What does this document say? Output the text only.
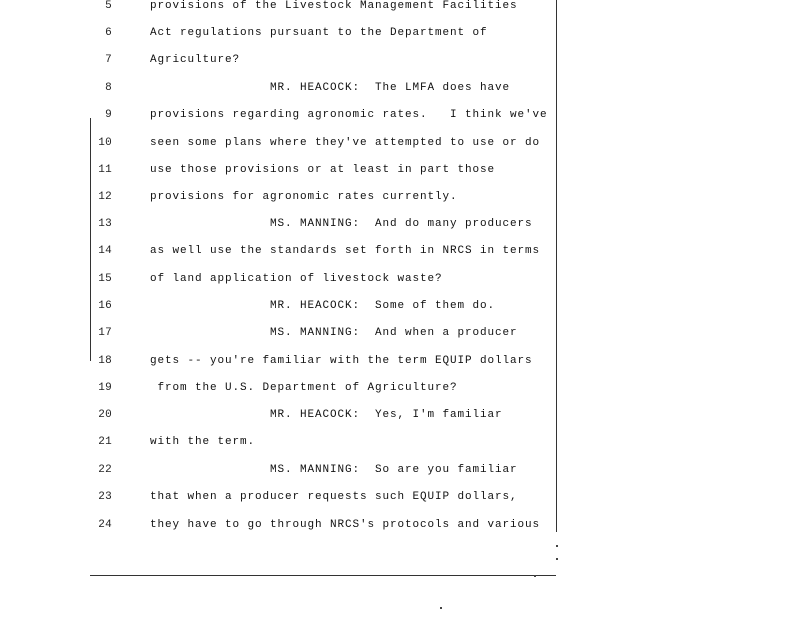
5	provisions of the Livestock Management Facilities
6	Act regulations pursuant to the Department of
7	Agriculture?
8	MR. HEACOCK:  The LMFA does have
9	provisions regarding agronomic rates.   I think we've
10	seen some plans where they've attempted to use or do
11	use those provisions or at least in part those
12	provisions for agronomic rates currently.
13	MS. MANNING:  And do many producers
14	as well use the standards set forth in NRCS in terms
15	of land application of livestock waste?
16	MR. HEACOCK:  Some of them do.
17	MS. MANNING:  And when a producer
18	gets -- you're familiar with the term EQUIP dollars
19	from the U.S. Department of Agriculture?
20	MR. HEACOCK:  Yes, I'm familiar
21	with the term.
22	MS. MANNING:  So are you familiar
23	that when a producer requests such EQUIP dollars,
24	they have to go through NRCS's protocols and various
